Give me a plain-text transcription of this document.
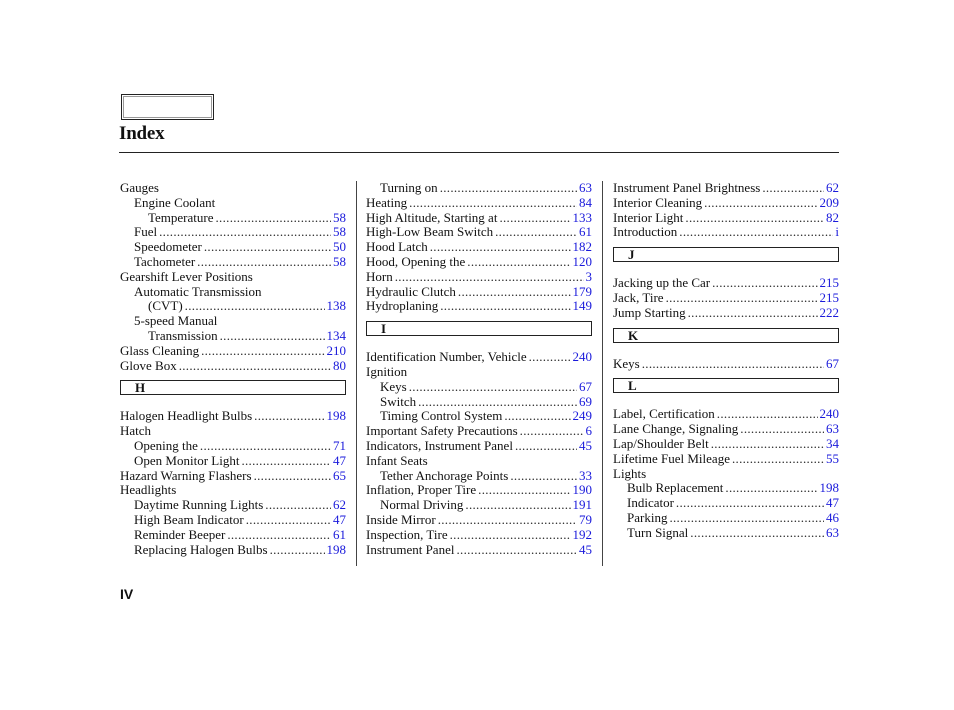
Index
Gauges
Engine Coolant
Temperature .....	58
Fuel .....	58
Speedometer .....	50
Tachometer .....	58
Gearshift Lever Positions
Automatic Transmission
(CVT) .....	138
5-speed Manual
Transmission .....	134
Glass Cleaning .....	210
Glove Box .....	80
H
Halogen Headlight Bulbs .....	198
Hatch
Opening the .....	71
Open Monitor Light .....	47
Hazard Warning Flashers .....	65
Headlights
Daytime Running Lights .....	62
High Beam Indicator .....	47
Reminder Beeper .....	61
Replacing Halogen Bulbs .....	198
Turning on .....	63
Heating .....	84
High Altitude, Starting at .....	133
High-Low Beam Switch .....	61
Hood Latch .....	182
Hood, Opening the .....	120
Horn .....	3
Hydraulic Clutch .....	179
Hydroplaning .....	149
I
Identification Number, Vehicle .....	240
Ignition
Keys .....	67
Switch .....	69
Timing Control System .....	249
Important Safety Precautions .....	6
Indicators, Instrument Panel .....	45
Infant Seats
Tether Anchorage Points .....	33
Inflation, Proper Tire .....	190
Normal Driving .....	191
Inside Mirror .....	79
Inspection, Tire .....	192
Instrument Panel .....	45
Instrument Panel Brightness .....	62
Interior Cleaning .....	209
Interior Light .....	82
Introduction .....	i
J
Jacking up the Car .....	215
Jack, Tire .....	215
Jump Starting .....	222
K
Keys .....	67
L
Label, Certification .....	240
Lane Change, Signaling .....	63
Lap/Shoulder Belt .....	34
Lifetime Fuel Mileage .....	55
Lights
Bulb Replacement .....	198
Indicator .....	47
Parking .....	46
Turn Signal .....	63
IV
